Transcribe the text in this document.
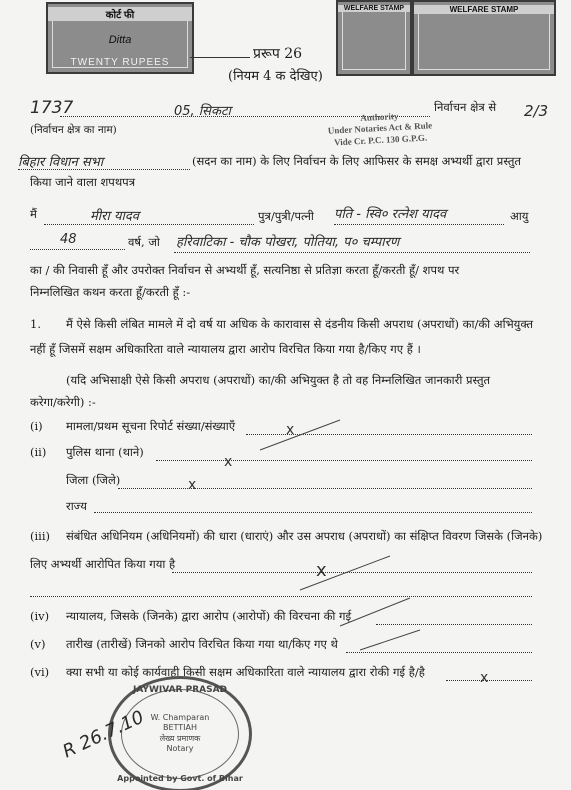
कोर्ट फी
Ditta
TWENTY RUPEES
WELFARE STAMP	WELFARE STAMP
प्ररूप 26
(नियम 4 क देखिए)
1737	05, सिकटा	निर्वाचन क्षेत्र से 2/3
(निर्वाचन क्षेत्र का नाम)
Authority
Under Notaries Act & Rule
Vide Cr. P.C. 130 G.P.G.
बिहार विधान सभा	(सदन का नाम) के लिए निर्वाचन के लिए आफिसर के समक्ष अभ्यर्थी द्वारा प्रस्तुत
किया जाने वाला शपथपत्र
मैं	मीरा यादव	पुत्र/पुत्री/पत्नी पति - स्वि० रत्नेश यादव	आयु
48	वर्ष, जो हरिवाटिका - चौक पोखरा, पोतिया, प० चम्पारण
का / की निवासी हूँ और उपरोक्त निर्वाचन से अभ्यर्थी हूँ, सत्यनिष्ठा से प्रतिज्ञा करता हूँ/करती हूँ/ शपथ पर
निम्नलिखित कथन करता हूँ/करती हूँ :-
1. मैं ऐसे किसी लंबित मामले में दो वर्ष या अधिक के कारावास से दंडनीय किसी अपराध (अपराधों) का/की अभियुक्त
नहीं हूँ जिसमें सक्षम अधिकारिता वाले न्यायालय द्वारा आरोप विरचित किया गया है/किए गए हैं ।
(यदि अभिसाक्षी ऐसे किसी अपराध (अपराधों) का/की अभियुक्त है तो वह निम्नलिखित जानकारी प्रस्तुत
करेगा/करेगी) :-
(i) मामला/प्रथम सूचना रिपोर्ट संख्या/संख्याएँ	x
(ii) पुलिस थाना (थाने)
x
जिला (जिले)	x
राज्य
(iii) संबंधित अधिनियम (अधिनियमों) की धारा (धाराएं) और उस अपराध (अपराधों) का संक्षिप्त विवरण जिसके (जिनके)
लिए अभ्यर्थी आरोपित किया गया है	x
(iv) न्यायालय, जिसके (जिनके) द्वारा आरोप (आरोपों) की विरचना की गई
(v) तारीख (तारीखें) जिनको आरोप विरचित किया गया था/किए गए थे
(vi) क्या सभी या कोई कार्यवाही किसी सक्षम अधिकारिता वाले न्यायालय द्वारा रोकी गई है/है	x
JAYWIVAR PRASAD
W. Champaran
BETTIAH
लेख्य प्रमाणक
Notary
Appointed by Govt. of Bihar
R 26.7.10
